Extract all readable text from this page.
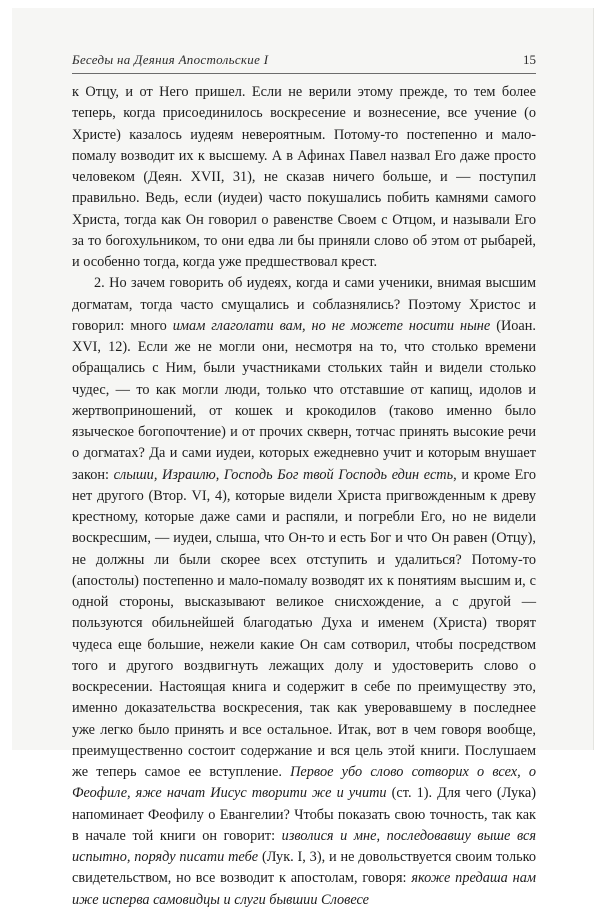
Беседы на Деяния Апостольские I	15

к Отцу, и от Него пришел. Если не верили этому прежде, то тем более теперь, когда присоединилось воскресение и вознесение, все учение (о Христе) казалось иудеям невероятным. Потому-то постепенно и мало-помалу возводит их к высшему. А в Афинах Павел назвал Его даже просто человеком (Деян. XVII, 31), не сказав ничего больше, и — поступил правильно. Ведь, если (иудеи) часто покушались побить камнями самого Христа, тогда как Он говорил о равенстве Своем с Отцом, и называли Его за то богохульником, то они едва ли бы приняли слово об этом от рыбарей, и особенно тогда, когда уже предшествовал крест.

2. Но зачем говорить об иудеях, когда и сами ученики, внимая высшим догматам, тогда часто смущались и соблазнялись? Поэтому Христос и говорил: много имам глаголати вам, но не можете носити ныне (Иоан. XVI, 12). Если же не могли они, несмотря на то, что столько времени обращались с Ним, были участниками стольких тайн и видели столько чудес, — то как могли люди, только что отставшие от капищ, идолов и жертвоприношений, от кошек и крокодилов (таково именно было языческое богопочтение) и от прочих скверн, тотчас принять высокие речи о догматах? Да и сами иудеи, которых ежедневно учит и которым внушает закон: слыши, Израилю, Господь Бог твой Господь един есть, и кроме Его нет другого (Втор. VI, 4), которые видели Христа пригвожденным к древу крестному, которые даже сами и распяли, и погребли Его, но не видели воскресшим, — иудеи, слыша, что Он-то и есть Бог и что Он равен (Отцу), не должны ли были скорее всех отступить и удалиться? Потому-то (апостолы) постепенно и мало-помалу возводят их к понятиям высшим и, с одной стороны, высказывают великое снисхождение, а с другой — пользуются обильнейшей благодатью Духа и именем (Христа) творят чудеса еще большие, нежели какие Он сам сотворил, чтобы посредством того и другого воздвигнуть лежащих долу и удостоверить слово о воскресении. Настоящая книга и содержит в себе по преимуществу это, именно доказательства воскресения, так как уверовавшему в последнее уже легко было принять и все остальное. Итак, вот в чем говоря вообще, преимущественно состоит содержание и вся цель этой книги. Послушаем же теперь самое ее вступление. Первое убо слово сотворих о всех, о Феофиле, яже начат Иисус творити же и учити (ст. 1). Для чего (Лука) напоминает Феофилу о Евангелии? Чтобы показать свою точность, так как в начале той книги он говорит: изволися и мне, последовавшу выше вся испытно, поряду писати тебе (Лук. I, 3), и не довольствуется своим только свидетельством, но все возводит к апостолам, говоря: якоже предаша нам иже исперва самовидцы и слуги бывшии Словесе
